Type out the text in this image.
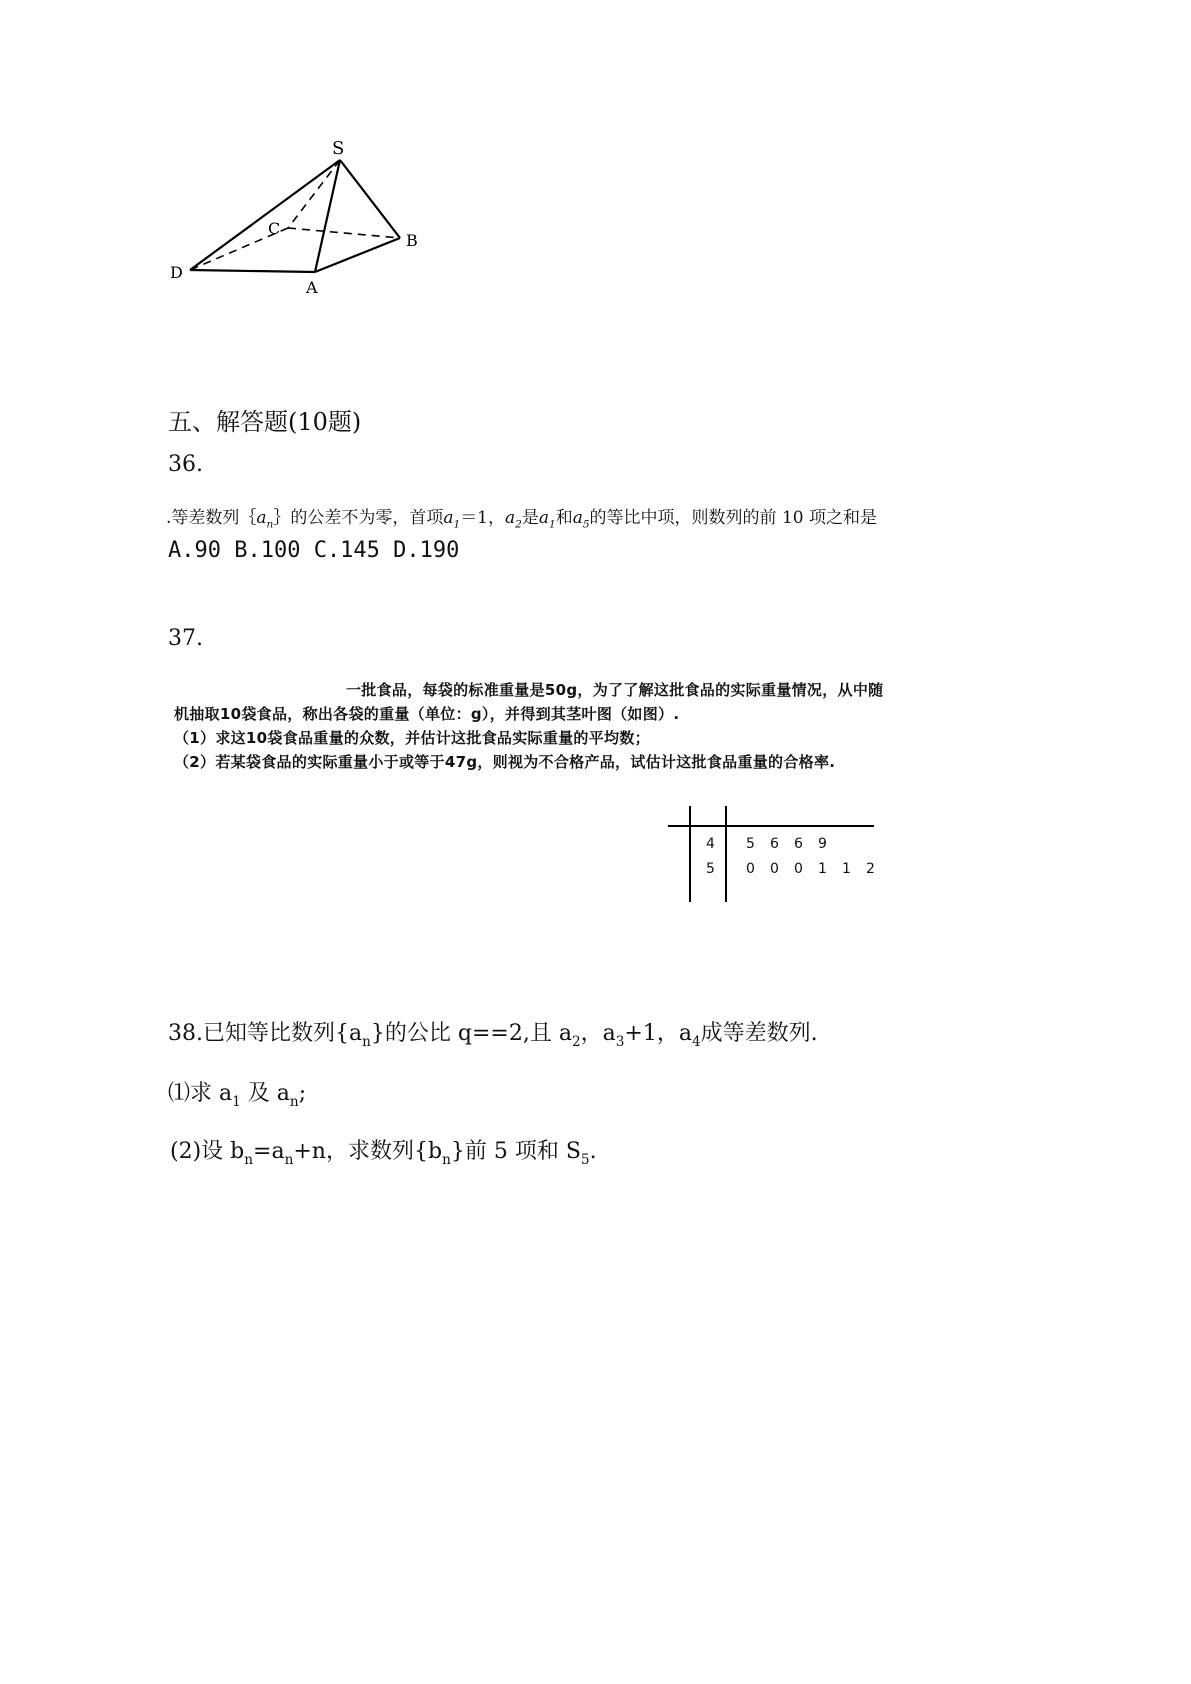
S
C
B
D
A
五、解答题(10题)
36.
.等差数列$\{a_n\}$的公差不为零，首项$a_1=1$，$a_2$是$a_1$和$a_5$的等比中项，则数列的前 10 项之和是
A.90 B.100 C.145 D.190
37.
一批食品，每袋的标准重量是50g，为了了解这批食品的实际重量情况，从中随
机抽取10袋食品，称出各袋的重量（单位：g），并得到其茎叶图（如图）.
（1）求这10袋食品重量的众数，并估计这批食品实际重量的平均数；
（2）若某袋食品的实际重量小于或等于47g，则视为不合格产品，试估计这批食品重量的合格率.
4
5
5 6 6 9
0 0 0 1 1 2
38.已知等比数列$\{a_n\}$的公比 q==2,且 $a_2$，$a_3+1$，$a_4$成等差数列.
⑴求 $a_1$ 及 $a_n$;
(2)设 $b_n=a_n+n$，求数列$\{b_n\}$前 5 项和 $S_5$.
